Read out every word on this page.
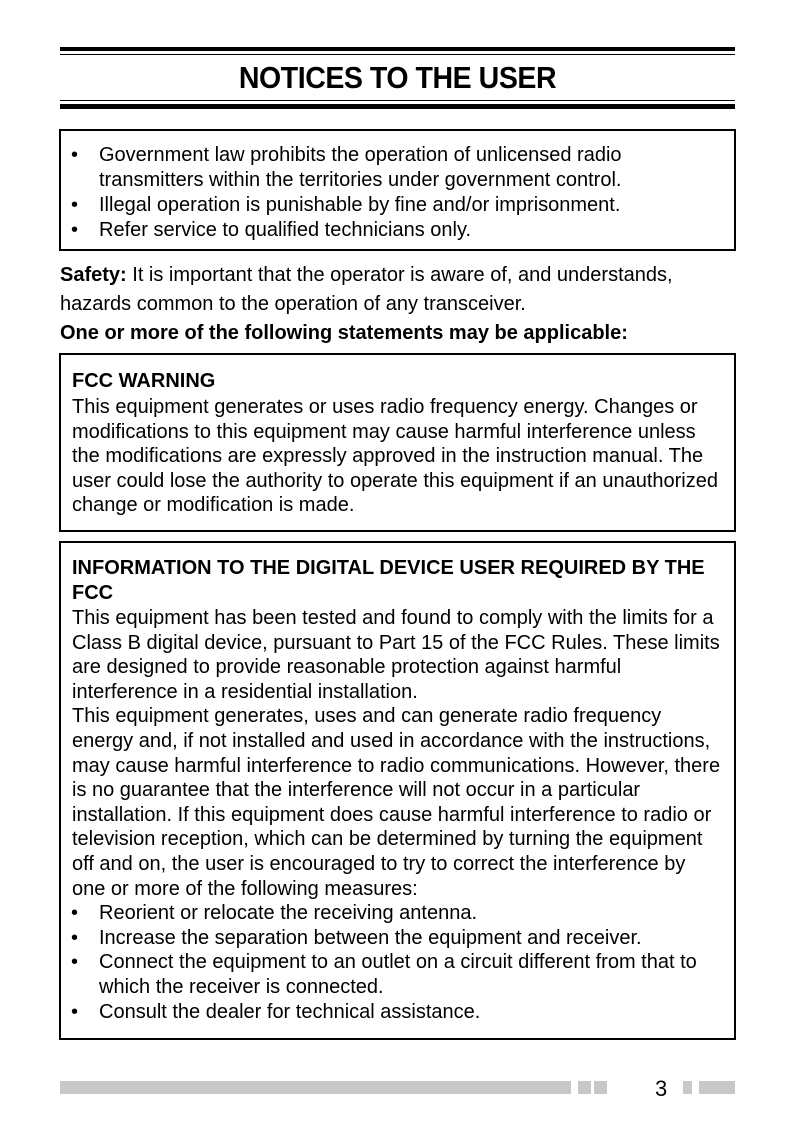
NOTICES TO THE USER
• Government law prohibits the operation of unlicensed radio transmitters within the territories under government control.
• Illegal operation is punishable by fine and/or imprisonment.
• Refer service to qualified technicians only.
Safety: It is important that the operator is aware of, and understands, hazards common to the operation of any transceiver.
One or more of the following statements may be applicable:
FCC WARNING
This equipment generates or uses radio frequency energy. Changes or modifications to this equipment may cause harmful interference unless the modifications are expressly approved in the instruction manual. The user could lose the authority to operate this equipment if an unauthorized change or modification is made.
INFORMATION TO THE DIGITAL DEVICE USER REQUIRED BY THE FCC
This equipment has been tested and found to comply with the limits for a Class B digital device, pursuant to Part 15 of the FCC Rules. These limits are designed to provide reasonable protection against harmful interference in a residential installation.
This equipment generates, uses and can generate radio frequency energy and, if not installed and used in accordance with the instructions, may cause harmful interference to radio communications. However, there is no guarantee that the interference will not occur in a particular installation. If this equipment does cause harmful interference to radio or television reception, which can be determined by turning the equipment off and on, the user is encouraged to try to correct the interference by one or more of the following measures:
• Reorient or relocate the receiving antenna.
• Increase the separation between the equipment and receiver.
• Connect the equipment to an outlet on a circuit different from that to which the receiver is connected.
• Consult the dealer for technical assistance.
3
